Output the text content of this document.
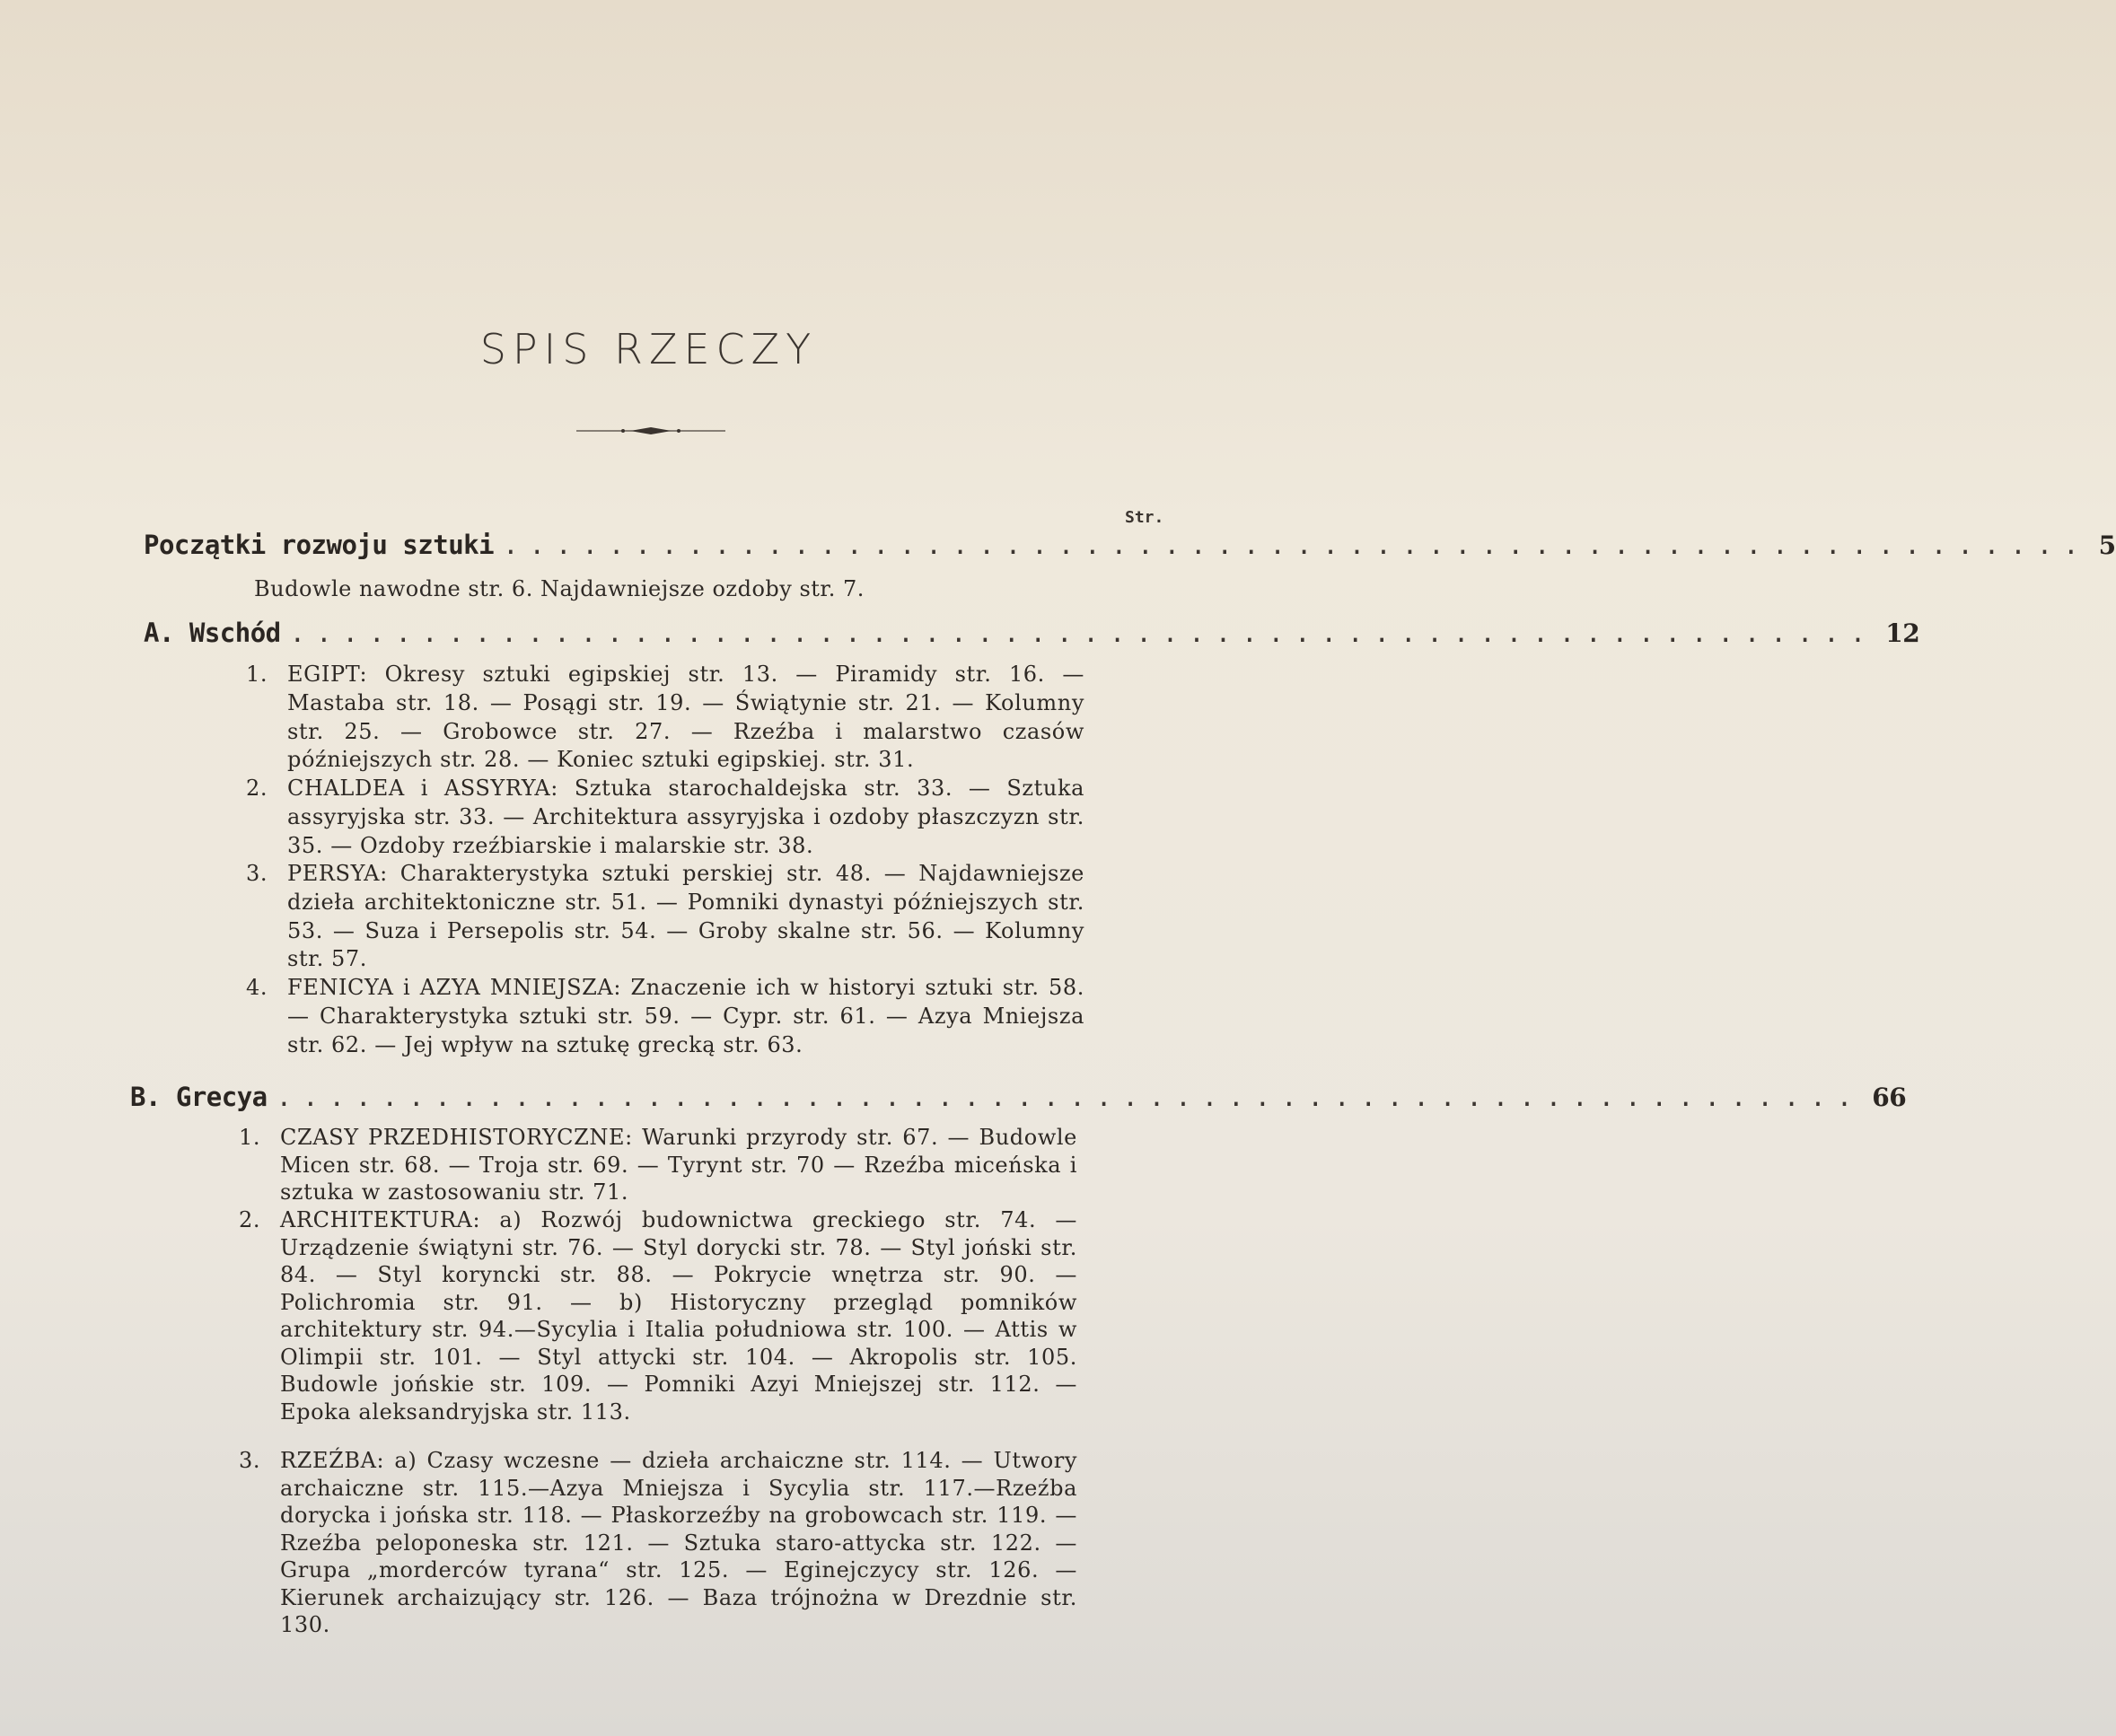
SPIS RZECZY
Str.
Początki rozwoju sztuki ............................................................ 5
Budowle nawodne str. 6. Najdawniejsze ozdoby str. 7.
A. Wschód ............................................................ 12
1. EGIPT: Okresy sztuki egipskiej str. 13. — Piramidy str. 16. — Mastaba str. 18. — Posągi str. 19. — Świątynie str. 21. — Kolumny str. 25. — Grobowce str. 27. — Rzeźba i malarstwo czasów późniejszych str. 28. — Koniec sztuki egipskiej. str. 31.
2. CHALDEA i ASSYRYA: Sztuka starochaldejska str. 33. — Sztuka assyryjska str. 33. — Architektura assyryjska i ozdoby płaszczyzn str. 35. — Ozdoby rzeźbiarskie i malarskie str. 38.
3. PERSYA: Charakterystyka sztuki perskiej str. 48. — Najdawniejsze dzieła architektoniczne str. 51. — Pomniki dynastyi późniejszych str. 53. — Suza i Persepolis str. 54. — Groby skalne str. 56. — Kolumny str. 57.
4. FENICYA i AZYA MNIEJSZA: Znaczenie ich w historyi sztuki str. 58. — Charakterystyka sztuki str. 59. — Cypr. str. 61. — Azya Mniejsza str. 62. — Jej wpływ na sztukę grecką str. 63.
B. Grecya ............................................................ 66
1. CZASY PRZEDHISTORYCZNE: Warunki przyrody str. 67. — Budowle Micen str. 68. — Troja str. 69. — Tyrynt str. 70 — Rzeźba miceńska i sztuka w zastosowaniu str. 71.
2. ARCHITEKTURA: a) Rozwój budownictwa greckiego str. 74. — Urządzenie świątyni str. 76. — Styl dorycki str. 78. — Styl joński str. 84. — Styl koryncki str. 88. — Pokrycie wnętrza str. 90. — Polichromia str. 91. — b) Historyczny przegląd pomników architektury str. 94.—Sycylia i Italia południowa str. 100. — Attis w Olimpii str. 101. — Styl attycki str. 104. — Akropolis str. 105. Budowle jońskie str. 109. — Pomniki Azyi Mniejszej str. 112. — Epoka aleksandryjska str. 113.
3. RZEŹBA: a) Czasy wczesne — dzieła archaiczne str. 114. — Utwory archaiczne str. 115.—Azya Mniejsza i Sycylia str. 117.—Rzeźba dorycka i jońska str. 118. — Płaskorzeźby na grobowcach str. 119. — Rzeźba peloponeska str. 121. — Sztuka staro-attycka str. 122. — Grupa „morderców tyrana“ str. 125. — Eginejczycy str. 126. — Kierunek archaizujący str. 126. — Baza trójnożna w Drezdnie str. 130.
